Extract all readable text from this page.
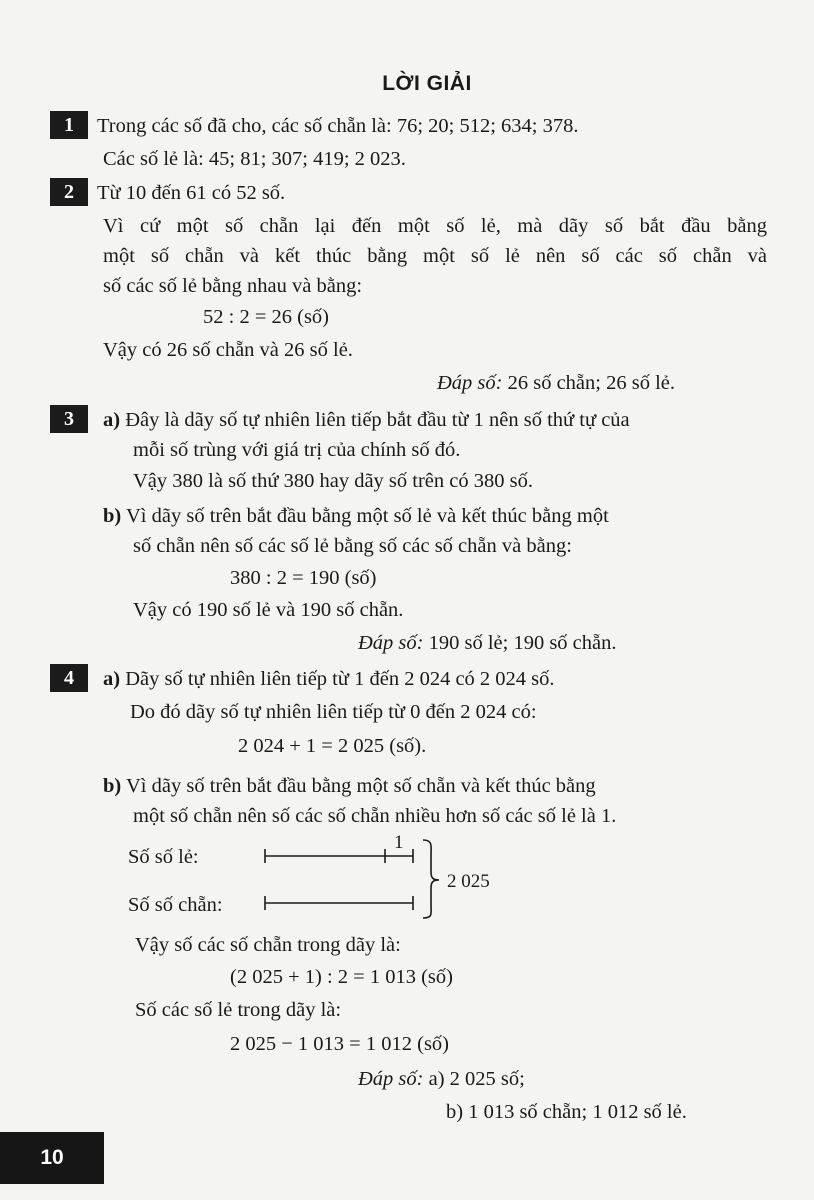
LỜI GIẢI
1	Trong các số đã cho, các số chẵn là: 76; 20; 512; 634; 378.
Các số lẻ là: 45; 81; 307; 419; 2 023.
2	Từ 10 đến 61 có 52 số.
Vì cứ một số chẵn lại đến một số lẻ, mà dãy số bắt đầu bằng
một số chẵn và kết thúc bằng một số lẻ nên số các số chẵn và
số các số lẻ bằng nhau và bằng:
52 : 2 = 26 (số)
Vậy có 26 số chẵn và 26 số lẻ.
Đáp số: 26 số chẵn; 26 số lẻ.
3	a) Đây là dãy số tự nhiên liên tiếp bắt đầu từ 1 nên số thứ tự của
mỗi số trùng với giá trị của chính số đó.
Vậy 380 là số thứ 380 hay dãy số trên có 380 số.
b) Vì dãy số trên bắt đầu bằng một số lẻ và kết thúc bằng một
số chẵn nên số các số lẻ bằng số các số chẵn và bằng:
380 : 2 = 190 (số)
Vậy có 190 số lẻ và 190 số chẵn.
Đáp số: 190 số lẻ; 190 số chẵn.
4	a) Dãy số tự nhiên liên tiếp từ 1 đến 2 024 có 2 024 số.
Do đó dãy số tự nhiên liên tiếp từ 0 đến 2 024 có:
2 024 + 1 = 2 025 (số).
b) Vì dãy số trên bắt đầu bằng một số chẵn và kết thúc bằng
một số chẵn nên số các số chẵn nhiều hơn số các số lẻ là 1.
Số số lẻ:
Số số chẵn:
1
2 025
Vậy số các số chẵn trong dãy là:
(2 025 + 1) : 2 = 1 013 (số)
Số các số lẻ trong dãy là:
2 025 − 1 013 = 1 012 (số)
Đáp số: a) 2 025 số;
b) 1 013 số chẵn; 1 012 số lẻ.
10
